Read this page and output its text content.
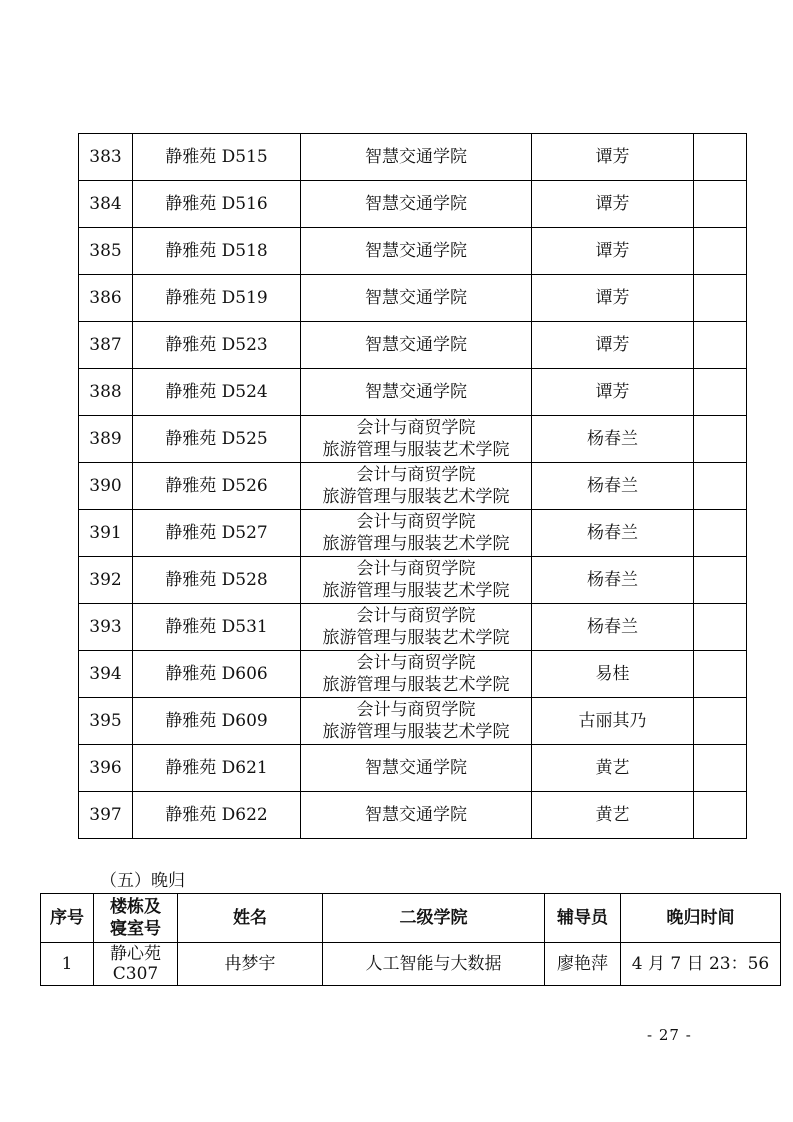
383	静雅苑 D515	智慧交通学院	谭芳	
384	静雅苑 D516	智慧交通学院	谭芳	
385	静雅苑 D518	智慧交通学院	谭芳	
386	静雅苑 D519	智慧交通学院	谭芳	
387	静雅苑 D523	智慧交通学院	谭芳	
388	静雅苑 D524	智慧交通学院	谭芳	
389	静雅苑 D525	会计与商贸学院
旅游管理与服装艺术学院	杨春兰	
390	静雅苑 D526	会计与商贸学院
旅游管理与服装艺术学院	杨春兰	
391	静雅苑 D527	会计与商贸学院
旅游管理与服装艺术学院	杨春兰	
392	静雅苑 D528	会计与商贸学院
旅游管理与服装艺术学院	杨春兰	
393	静雅苑 D531	会计与商贸学院
旅游管理与服装艺术学院	杨春兰	
394	静雅苑 D606	会计与商贸学院
旅游管理与服装艺术学院	易桂	
395	静雅苑 D609	会计与商贸学院
旅游管理与服装艺术学院	古丽其乃	
396	静雅苑 D621	智慧交通学院	黄艺	
397	静雅苑 D622	智慧交通学院	黄艺	
（五）晚归
序号	楼栋及
寝室号	姓名	二级学院	辅导员	晚归时间
1	静心苑
C307	冉梦宇	人工智能与大数据	廖艳萍	4 月 7 日 23：56
- 27 -
